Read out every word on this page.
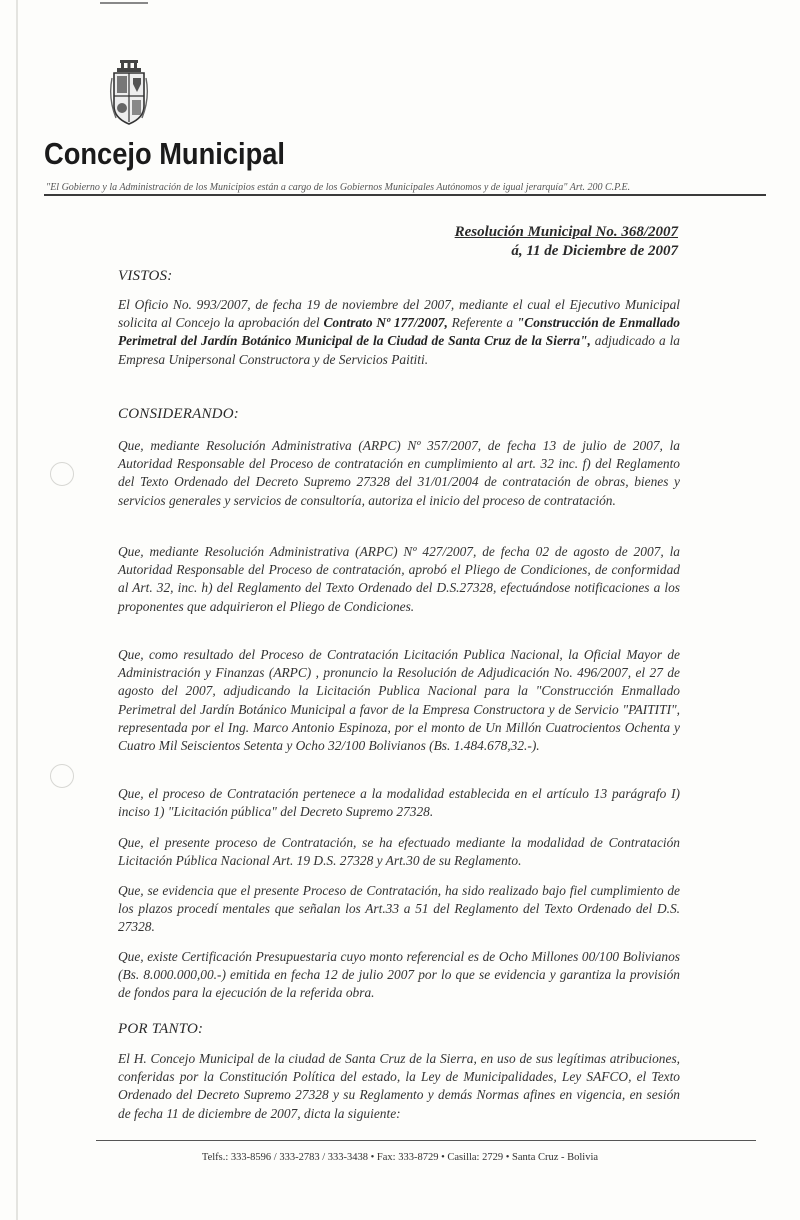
Concejo Municipal
"El Gobierno y la Administración de los Municipios están a cargo de los Gobiernos Municipales Autónomos y de igual jerarquía" Art. 200 C.P.E.
Resolución Municipal No. 368/2007
á, 11 de Diciembre de 2007
VISTOS:
El Oficio No. 993/2007, de fecha 19 de noviembre del 2007, mediante el cual el Ejecutivo Municipal solicita al Concejo la aprobación del Contrato Nº 177/2007, Referente a "Construcción de Enmallado Perimetral del Jardín Botánico Municipal de la Ciudad de Santa Cruz de la Sierra", adjudicado a la Empresa Unipersonal Constructora y de Servicios Paititi.
CONSIDERANDO:
Que, mediante Resolución Administrativa (ARPC) Nº 357/2007, de fecha 13 de julio de 2007, la Autoridad Responsable del Proceso de contratación en cumplimiento al art. 32 inc. f) del Reglamento del Texto Ordenado del Decreto Supremo 27328 del 31/01/2004 de contratación de obras, bienes y servicios generales y servicios de consultoría, autoriza el inicio del proceso de contratación.
Que, mediante Resolución Administrativa (ARPC) Nº 427/2007, de fecha 02 de agosto de 2007, la Autoridad Responsable del Proceso de contratación, aprobó el Pliego de Condiciones, de conformidad al Art. 32, inc. h) del Reglamento del Texto Ordenado del D.S.27328, efectuándose notificaciones a los proponentes que adquirieron el Pliego de Condiciones.
Que, como resultado del Proceso de Contratación Licitación Publica Nacional, la Oficial Mayor de Administración y Finanzas (ARPC) , pronuncio la Resolución de Adjudicación No. 496/2007, el 27 de agosto del 2007, adjudicando la Licitación Publica Nacional para la "Construcción Enmallado Perimetral del Jardín Botánico Municipal a favor de la Empresa Constructora y de Servicio "PAITITI", representada por el Ing. Marco Antonio Espinoza, por el monto de Un Millón Cuatrocientos Ochenta y Cuatro Mil Seiscientos Setenta y Ocho 32/100 Bolivianos (Bs. 1.484.678,32.-).
Que, el proceso de Contratación pertenece a la modalidad establecida en el artículo 13 parágrafo I) inciso 1) "Licitación pública" del Decreto Supremo 27328.
Que, el presente proceso de Contratación, se ha efectuado mediante la modalidad de Contratación Licitación Pública Nacional Art. 19 D.S. 27328 y Art.30 de su Reglamento.
Que, se evidencia que el presente Proceso de Contratación, ha sido realizado bajo fiel cumplimiento de los plazos procedí mentales que señalan los Art.33 a 51 del Reglamento del Texto Ordenado del D.S. 27328.
Que, existe Certificación Presupuestaria cuyo monto referencial es de Ocho Millones 00/100 Bolivianos (Bs. 8.000.000,00.-) emitida en fecha 12 de julio 2007 por lo que se evidencia y garantiza la provisión de fondos para la ejecución de la referida obra.
POR TANTO:
El H. Concejo Municipal de la ciudad de Santa Cruz de la Sierra, en uso de sus legítimas atribuciones, conferidas por la Constitución Política del estado, la Ley de Municipalidades, Ley SAFCO, el Texto Ordenado del Decreto Supremo 27328 y su Reglamento y demás Normas afines en vigencia, en sesión de fecha 11 de diciembre de 2007, dicta la siguiente:
Telfs.: 333-8596 / 333-2783 / 333-3438 • Fax: 333-8729 • Casilla: 2729 • Santa Cruz - Bolivia
